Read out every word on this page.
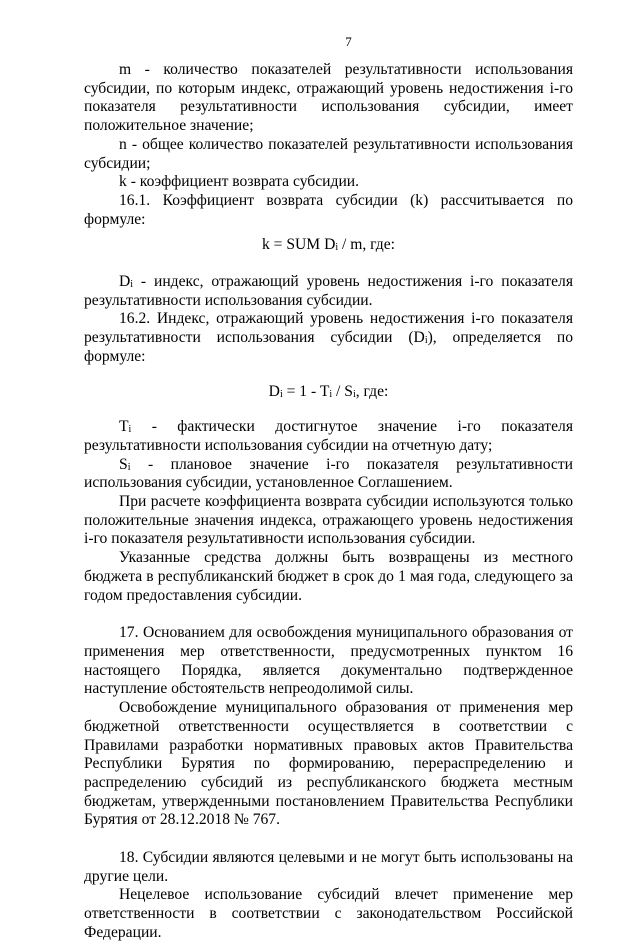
7

m - количество показателей результативности использования субсидии, по которым индекс, отражающий уровень недостижения i-го показателя результативности использования субсидии, имеет положительное значение;

n - общее количество показателей результативности использования субсидии;

k - коэффициент возврата субсидии.

16.1. Коэффициент возврата субсидии (k) рассчитывается по формуле:

k = SUM $D_i$ / m, где:

$D_i$ - индекс, отражающий уровень недостижения i-го показателя результативности использования субсидии.

16.2. Индекс, отражающий уровень недостижения i-го показателя результативности использования субсидии $(D_i)$, определяется по формуле:

$D_i = 1 - T_i / S_i$, где:

$T_i$ - фактически достигнутое значение i-го показателя результативности использования субсидии на отчетную дату;

$S_i$ - плановое значение i-го показателя результативности использования субсидии, установленное Соглашением.

При расчете коэффициента возврата субсидии используются только положительные значения индекса, отражающего уровень недостижения i-го показателя результативности использования субсидии.

Указанные средства должны быть возвращены из местного бюджета в республиканский бюджет в срок до 1 мая года, следующего за годом предоставления субсидии.

17. Основанием для освобождения муниципального образования от применения мер ответственности, предусмотренных пунктом 16 настоящего Порядка, является документально подтвержденное наступление обстоятельств непреодолимой силы.

Освобождение муниципального образования от применения мер бюджетной ответственности осуществляется в соответствии с Правилами разработки нормативных правовых актов Правительства Республики Бурятия по формированию, перераспределению и распределению субсидий из республиканского бюджета местным бюджетам, утвержденными постановлением Правительства Республики Бурятия от 28.12.2018 № 767.

18. Субсидии являются целевыми и не могут быть использованы на другие цели.

Нецелевое использование субсидий влечет применение мер ответственности в соответствии с законодательством Российской Федерации.
